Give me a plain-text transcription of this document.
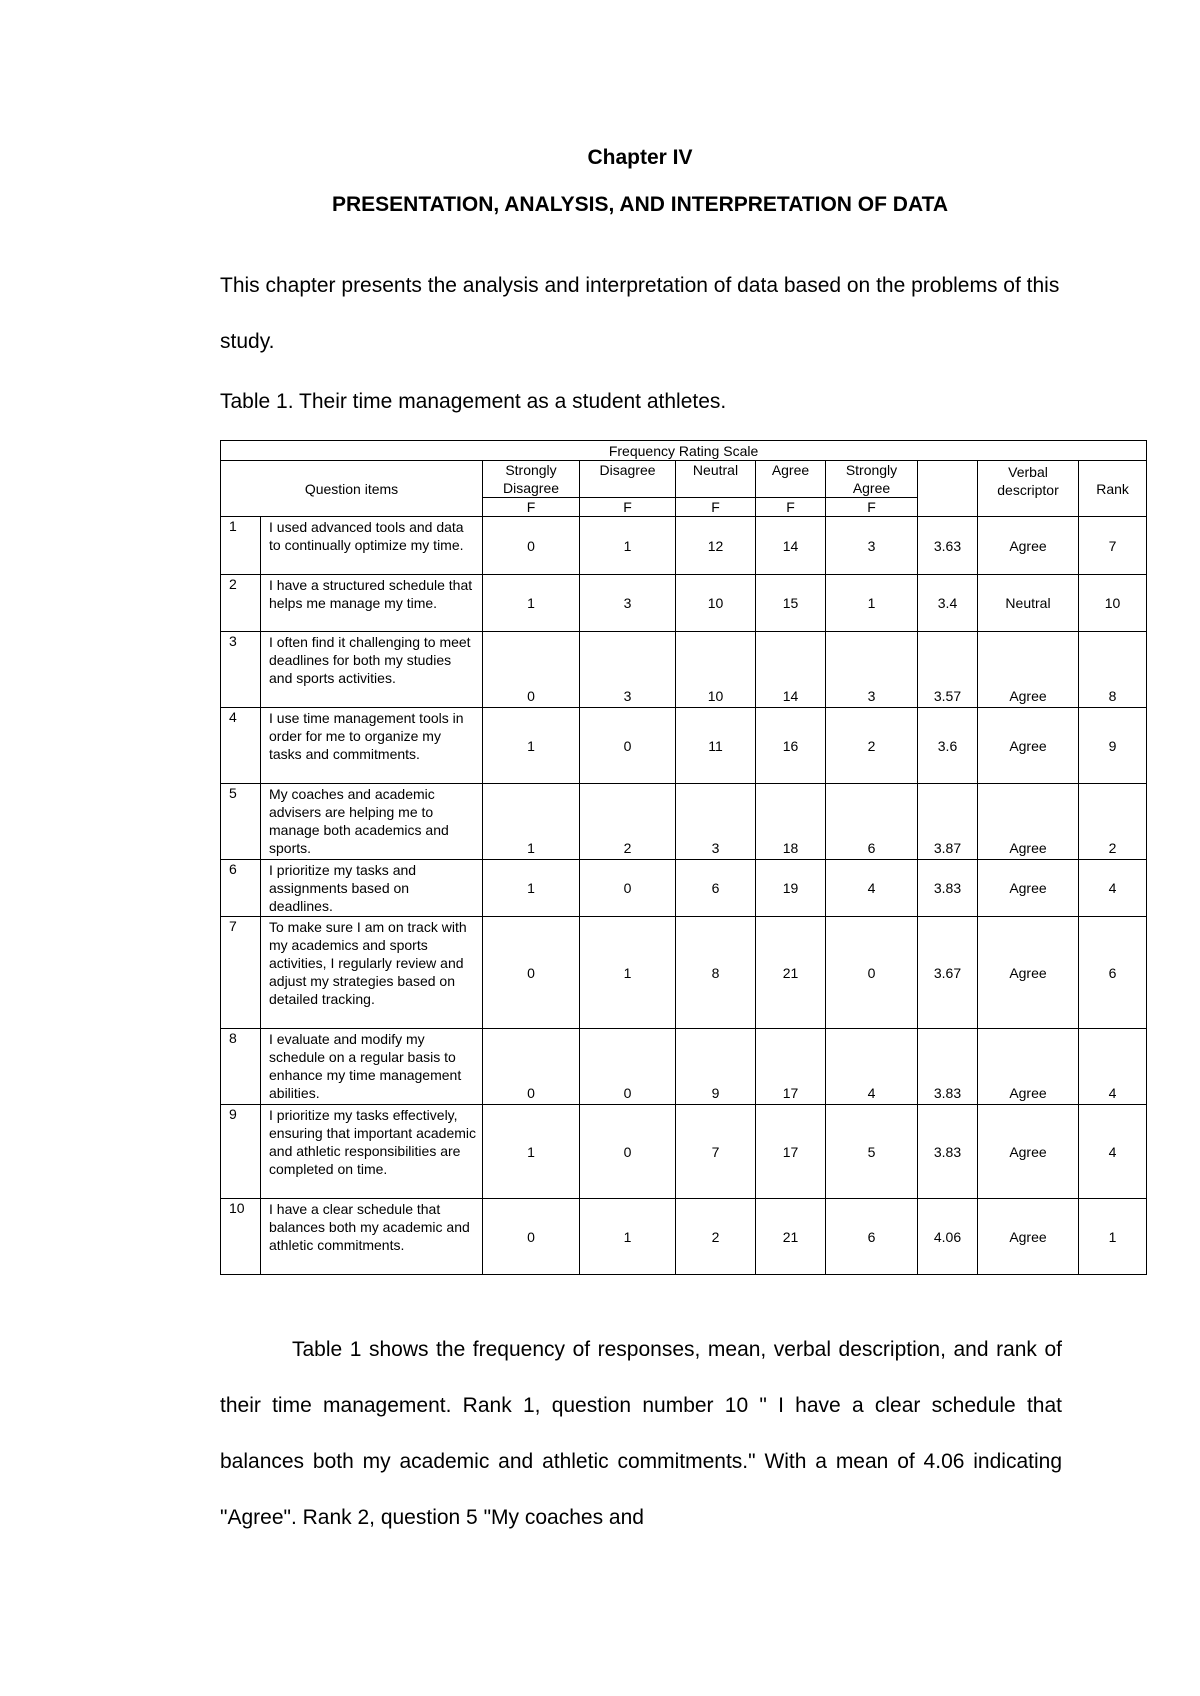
Chapter IV
PRESENTATION, ANALYSIS, AND INTERPRETATION OF DATA

This chapter presents the analysis and interpretation of data based on the problems of this study.

Table 1. Their time management as a student athletes.

Frequency Rating Scale									
Question items		Strongly Disagree	Disagree	Neutral	Agree	Strongly Agree		Verbal descriptor	Rank
		F	F	F	F	F			
1	I used advanced tools and data to continually optimize my time.	0	1	12	14	3	3.63	Agree	7
2	I have a structured schedule that helps me manage my time.	1	3	10	15	1	3.4	Neutral	10
3	I often find it challenging to meet deadlines for both my studies and sports activities.	0	3	10	14	3	3.57	Agree	8
4	I use time management tools in order for me to organize my tasks and commitments.	1	0	11	16	2	3.6	Agree	9
5	My coaches and academic advisers are helping me to manage both academics and sports.	1	2	3	18	6	3.87	Agree	2
6	I prioritize my tasks and assignments based on deadlines.	1	0	6	19	4	3.83	Agree	4
7	To make sure I am on track with my academics and sports activities, I regularly review and adjust my strategies based on detailed tracking.	0	1	8	21	0	3.67	Agree	6
8	I evaluate and modify my schedule on a regular basis to enhance my time management abilities.	0	0	9	17	4	3.83	Agree	4
9	I prioritize my tasks effectively, ensuring that important academic and athletic responsibilities are completed on time.	1	0	7	17	5	3.83	Agree	4
10	I have a clear schedule that balances both my academic and athletic commitments.	0	1	2	21	6	4.06	Agree	1

Table 1 shows the frequency of responses, mean, verbal description, and rank of their time management. Rank 1, question number 10 " I have a clear schedule that balances both my academic and athletic commitments." With a mean of 4.06 indicating "Agree". Rank 2, question 5 "My coaches and
